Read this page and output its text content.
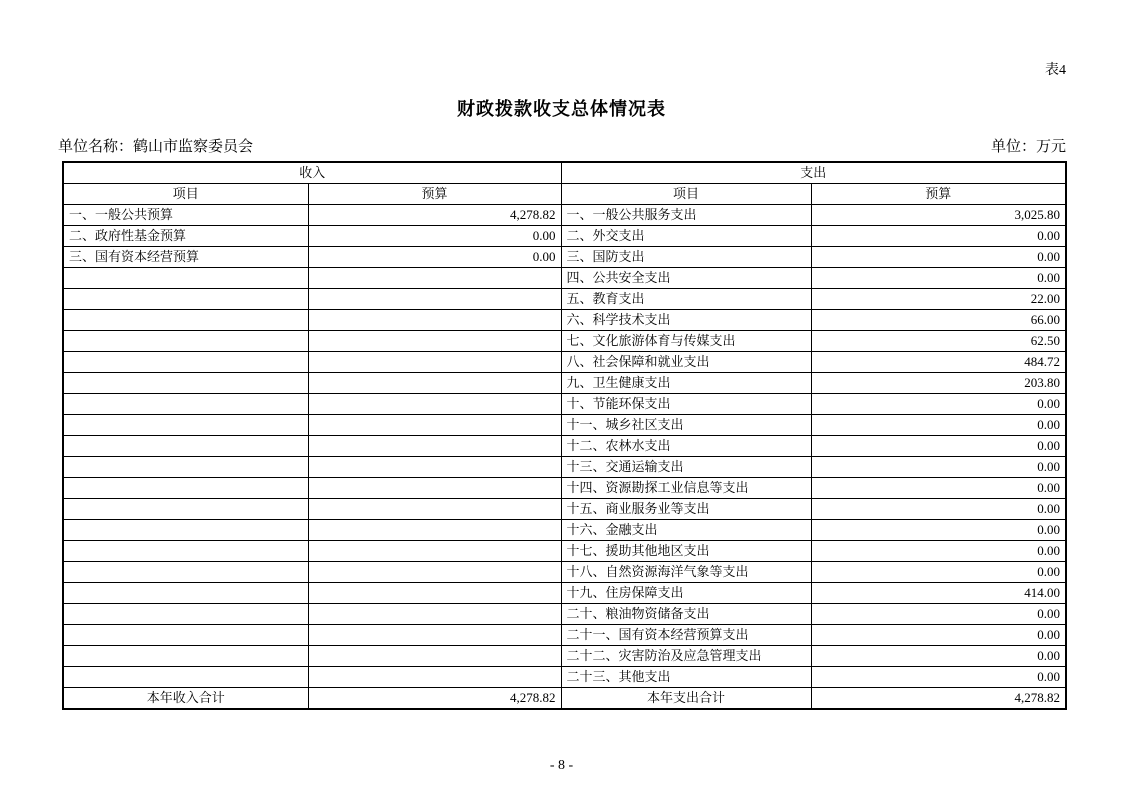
表4
财政拨款收支总体情况表
单位名称：鹤山市监察委员会	单位：万元
收入		支出	
项目	预算	项目	预算
一、一般公共预算	4,278.82	一、一般公共服务支出	3,025.80
二、政府性基金预算	0.00	二、外交支出	0.00
三、国有资本经营预算	0.00	三、国防支出	0.00
		四、公共安全支出	0.00
		五、教育支出	22.00
		六、科学技术支出	66.00
		七、文化旅游体育与传媒支出	62.50
		八、社会保障和就业支出	484.72
		九、卫生健康支出	203.80
		十、节能环保支出	0.00
		十一、城乡社区支出	0.00
		十二、农林水支出	0.00
		十三、交通运输支出	0.00
		十四、资源勘探工业信息等支出	0.00
		十五、商业服务业等支出	0.00
		十六、金融支出	0.00
		十七、援助其他地区支出	0.00
		十八、自然资源海洋气象等支出	0.00
		十九、住房保障支出	414.00
		二十、粮油物资储备支出	0.00
		二十一、国有资本经营预算支出	0.00
		二十二、灾害防治及应急管理支出	0.00
		二十三、其他支出	0.00
本年收入合计	4,278.82	本年支出合计	4,278.82
- 8 -
